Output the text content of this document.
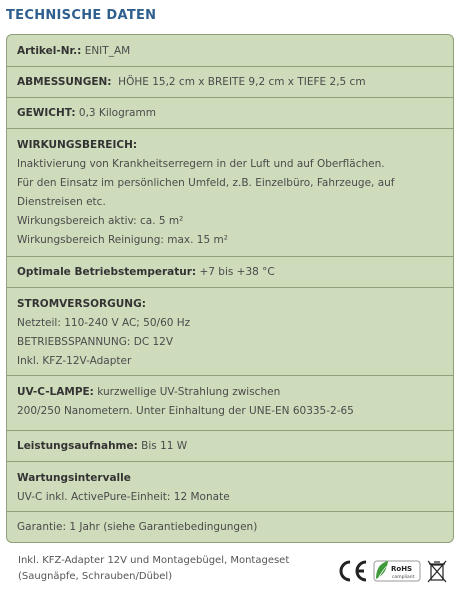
TECHNISCHE DATEN
Artikel-Nr.: ENIT_AM
ABMESSUNGEN: HÖHE 15,2 cm x BREITE 9,2 cm x TIEFE 2,5 cm
GEWICHT: 0,3 Kilogramm
WIRKUNGSBEREICH:
Inaktivierung von Krankheitserregern in der Luft und auf Oberflächen.
Für den Einsatz im persönlichen Umfeld, z.B. Einzelbüro, Fahrzeuge, auf
Dienstreisen etc.
Wirkungsbereich aktiv: ca. 5 m²
Wirkungsbereich Reinigung: max. 15 m²
Optimale Betriebstemperatur: +7 bis +38 °C
STROMVERSORGUNG:
Netzteil: 110-240 V AC; 50/60 Hz
BETRIEBSSPANNUNG: DC 12V
Inkl. KFZ-12V-Adapter
UV-C-LAMPE: kurzwellige UV-Strahlung zwischen
200/250 Nanometern. Unter Einhaltung der UNE-EN 60335-2-65
Leistungsaufnahme: Bis 11 W
Wartungsintervalle
UV-C inkl. ActivePure-Einheit: 12 Monate
Garantie: 1 Jahr (siehe Garantiebedingungen)
Inkl. KFZ-Adapter 12V und Montagebügel, Montageset
(Saugnäpfe, Schrauben/Dübel)
RoHS
compliant
